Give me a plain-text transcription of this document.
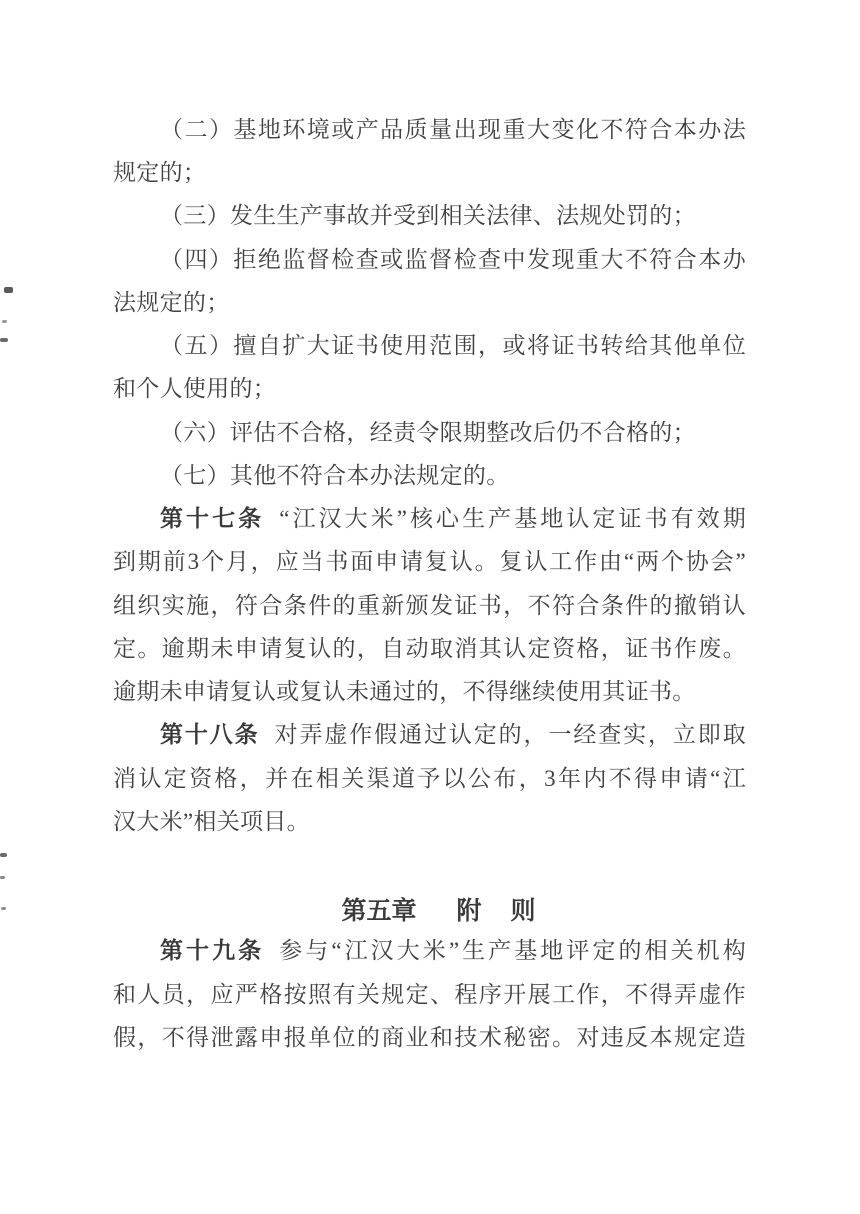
（二）基地环境或产品质量出现重大变化不符合本办法
规定的；
（三）发生生产事故并受到相关法律、法规处罚的；
（四）拒绝监督检查或监督检查中发现重大不符合本办
法规定的；
（五）擅自扩大证书使用范围，或将证书转给其他单位
和个人使用的；
（六）评估不合格，经责令限期整改后仍不合格的；
（七）其他不符合本办法规定的。
第十七条 “江汉大米”核心生产基地认定证书有效期
到期前3个月，应当书面申请复认。复认工作由“两个协会”
组织实施，符合条件的重新颁发证书，不符合条件的撤销认
定。逾期未申请复认的，自动取消其认定资格，证书作废。
逾期未申请复认或复认未通过的，不得继续使用其证书。
第十八条 对弄虚作假通过认定的，一经查实，立即取
消认定资格，并在相关渠道予以公布，3年内不得申请“江
汉大米”相关项目。
第五章 附　则
第十九条 参与“江汉大米”生产基地评定的相关机构
和人员，应严格按照有关规定、程序开展工作，不得弄虚作
假，不得泄露申报单位的商业和技术秘密。对违反本规定造
